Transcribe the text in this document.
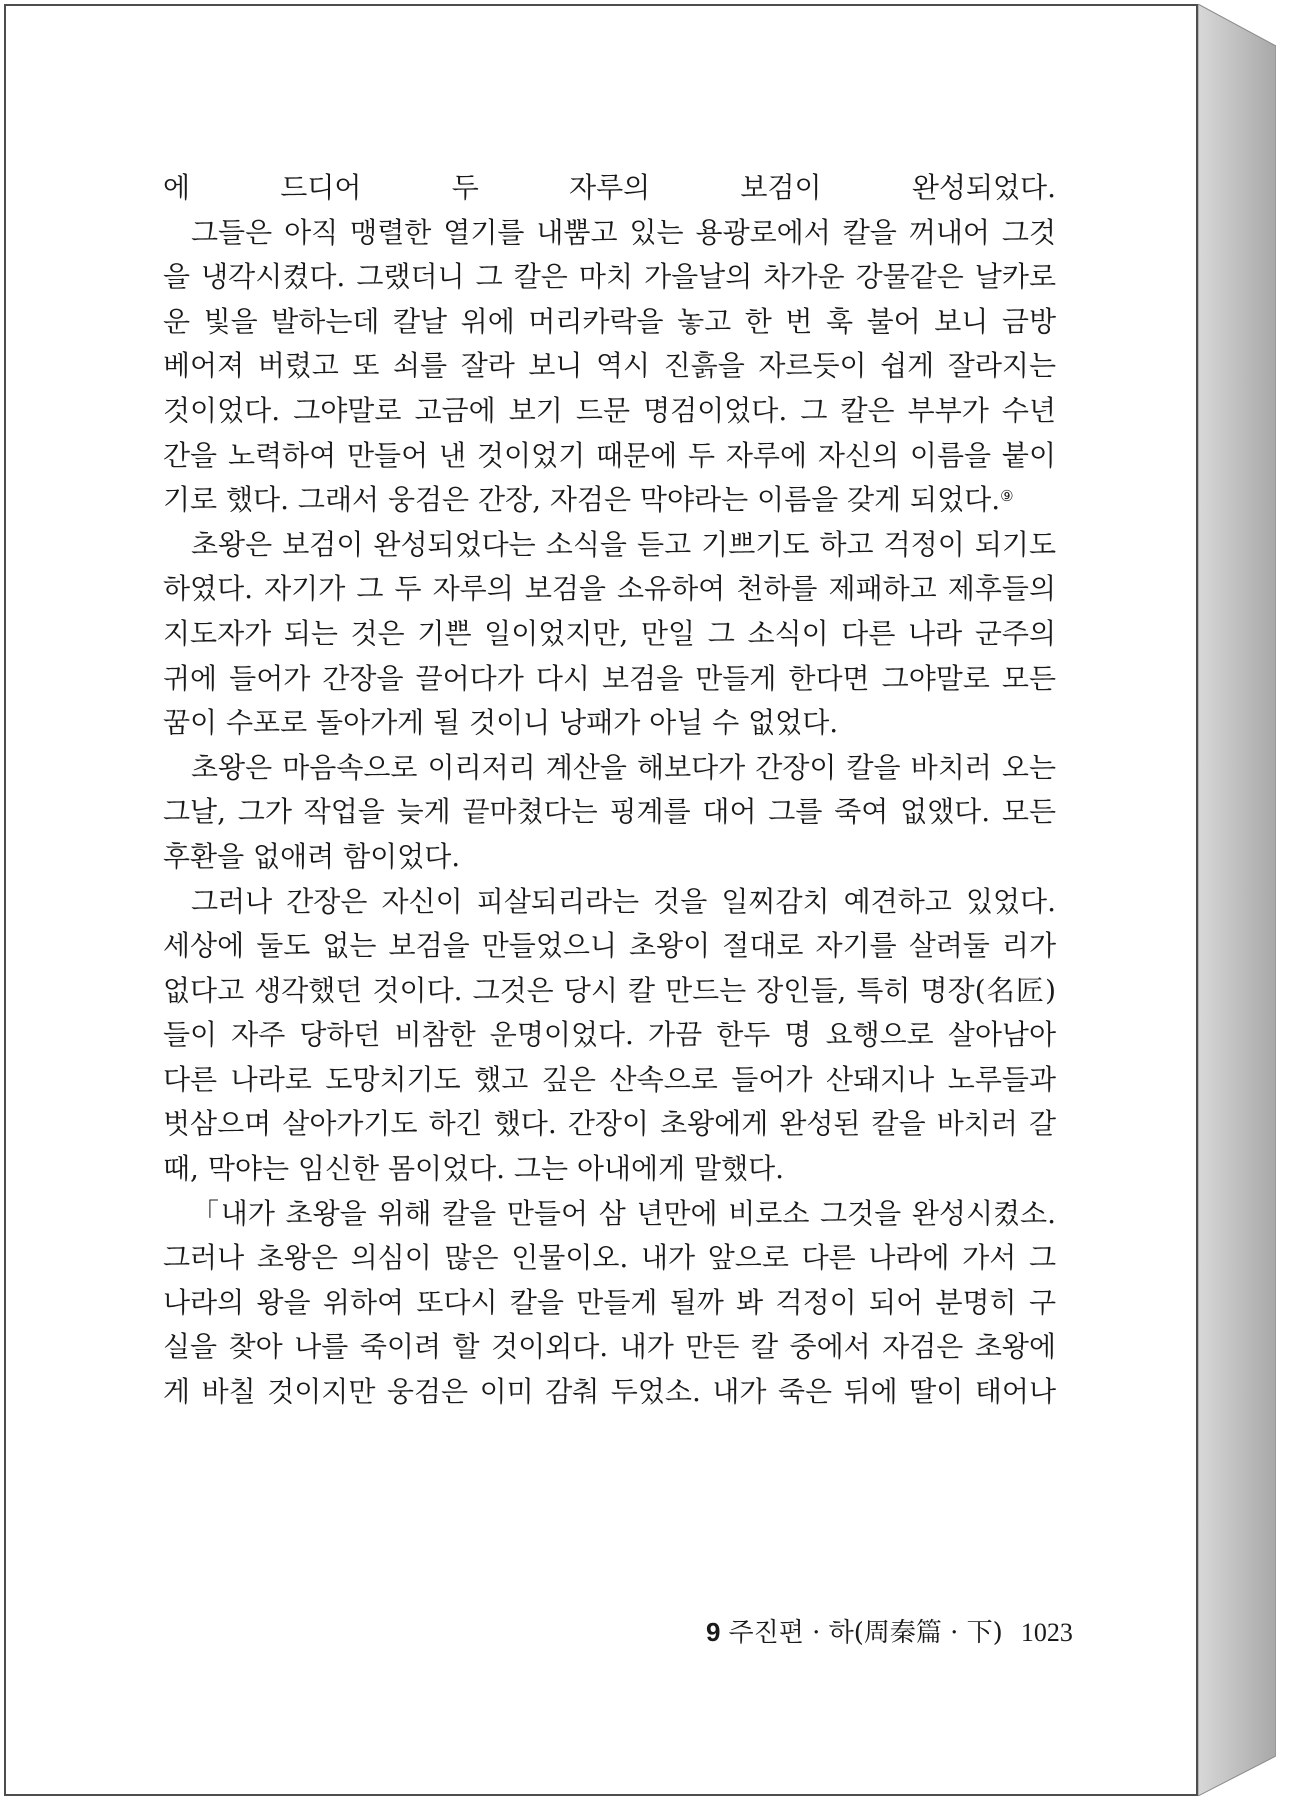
에 드디어 두 자루의 보검이 완성되었다.
그들은 아직 맹렬한 열기를 내뿜고 있는 용광로에서 칼을 꺼내어 그것
을 냉각시켰다. 그랬더니 그 칼은 마치 가을날의 차가운 강물같은 날카로
운 빛을 발하는데 칼날 위에 머리카락을 놓고 한 번 훅 불어 보니 금방
베어져 버렸고 또 쇠를 잘라 보니 역시 진흙을 자르듯이 쉽게 잘라지는
것이었다. 그야말로 고금에 보기 드문 명검이었다. 그 칼은 부부가 수년
간을 노력하여 만들어 낸 것이었기 때문에 두 자루에 자신의 이름을 붙이
기로 했다. 그래서 웅검은 간장, 자검은 막야라는 이름을 갖게 되었다.⑨
초왕은 보검이 완성되었다는 소식을 듣고 기쁘기도 하고 걱정이 되기도
하였다. 자기가 그 두 자루의 보검을 소유하여 천하를 제패하고 제후들의
지도자가 되는 것은 기쁜 일이었지만, 만일 그 소식이 다른 나라 군주의
귀에 들어가 간장을 끌어다가 다시 보검을 만들게 한다면 그야말로 모든
꿈이 수포로 돌아가게 될 것이니 낭패가 아닐 수 없었다.
초왕은 마음속으로 이리저리 계산을 해보다가 간장이 칼을 바치러 오는
그날, 그가 작업을 늦게 끝마쳤다는 핑계를 대어 그를 죽여 없앴다. 모든
후환을 없애려 함이었다.
그러나 간장은 자신이 피살되리라는 것을 일찌감치 예견하고 있었다.
세상에 둘도 없는 보검을 만들었으니 초왕이 절대로 자기를 살려둘 리가
없다고 생각했던 것이다. 그것은 당시 칼 만드는 장인들, 특히 명장(名匠)
들이 자주 당하던 비참한 운명이었다. 가끔 한두 명 요행으로 살아남아
다른 나라로 도망치기도 했고 깊은 산속으로 들어가 산돼지나 노루들과
벗삼으며 살아가기도 하긴 했다. 간장이 초왕에게 완성된 칼을 바치러 갈
때, 막야는 임신한 몸이었다. 그는 아내에게 말했다.
「내가 초왕을 위해 칼을 만들어 삼 년만에 비로소 그것을 완성시켰소.
그러나 초왕은 의심이 많은 인물이오. 내가 앞으로 다른 나라에 가서 그
나라의 왕을 위하여 또다시 칼을 만들게 될까 봐 걱정이 되어 분명히 구
실을 찾아 나를 죽이려 할 것이외다. 내가 만든 칼 중에서 자검은 초왕에
게 바칠 것이지만 웅검은 이미 감춰 두었소. 내가 죽은 뒤에 딸이 태어나
9 주진편 · 하(周秦篇 · 下) 1023
